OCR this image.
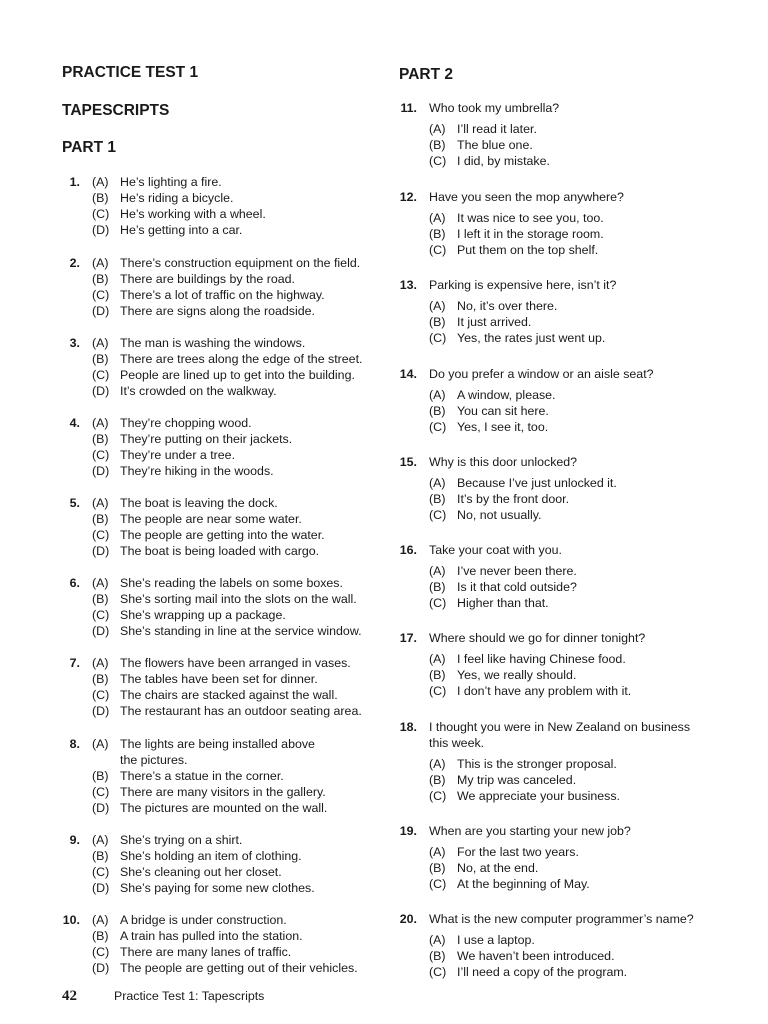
PRACTICE TEST 1
TAPESCRIPTS
PART 1
1. (A) He’s lighting a fire.
(B) He’s riding a bicycle.
(C) He’s working with a wheel.
(D) He’s getting into a car.
2. (A) There’s construction equipment on the field.
(B) There are buildings by the road.
(C) There’s a lot of traffic on the highway.
(D) There are signs along the roadside.
3. (A) The man is washing the windows.
(B) There are trees along the edge of the street.
(C) People are lined up to get into the building.
(D) It’s crowded on the walkway.
4. (A) They’re chopping wood.
(B) They’re putting on their jackets.
(C) They’re under a tree.
(D) They’re hiking in the woods.
5. (A) The boat is leaving the dock.
(B) The people are near some water.
(C) The people are getting into the water.
(D) The boat is being loaded with cargo.
6. (A) She’s reading the labels on some boxes.
(B) She’s sorting mail into the slots on the wall.
(C) She’s wrapping up a package.
(D) She’s standing in line at the service window.
7. (A) The flowers have been arranged in vases.
(B) The tables have been set for dinner.
(C) The chairs are stacked against the wall.
(D) The restaurant has an outdoor seating area.
8. (A) The lights are being installed above
the pictures.
(B) There’s a statue in the corner.
(C) There are many visitors in the gallery.
(D) The pictures are mounted on the wall.
9. (A) She’s trying on a shirt.
(B) She’s holding an item of clothing.
(C) She’s cleaning out her closet.
(D) She’s paying for some new clothes.
10. (A) A bridge is under construction.
(B) A train has pulled into the station.
(C) There are many lanes of traffic.
(D) The people are getting out of their vehicles.
PART 2
11. Who took my umbrella?
(A) I’ll read it later.
(B) The blue one.
(C) I did, by mistake.
12. Have you seen the mop anywhere?
(A) It was nice to see you, too.
(B) I left it in the storage room.
(C) Put them on the top shelf.
13. Parking is expensive here, isn’t it?
(A) No, it’s over there.
(B) It just arrived.
(C) Yes, the rates just went up.
14. Do you prefer a window or an aisle seat?
(A) A window, please.
(B) You can sit here.
(C) Yes, I see it, too.
15. Why is this door unlocked?
(A) Because I’ve just unlocked it.
(B) It’s by the front door.
(C) No, not usually.
16. Take your coat with you.
(A) I’ve never been there.
(B) Is it that cold outside?
(C) Higher than that.
17. Where should we go for dinner tonight?
(A) I feel like having Chinese food.
(B) Yes, we really should.
(C) I don’t have any problem with it.
18. I thought you were in New Zealand on business
this week.
(A) This is the stronger proposal.
(B) My trip was canceled.
(C) We appreciate your business.
19. When are you starting your new job?
(A) For the last two years.
(B) No, at the end.
(C) At the beginning of May.
20. What is the new computer programmer’s name?
(A) I use a laptop.
(B) We haven’t been introduced.
(C) I’ll need a copy of the program.
42	Practice Test 1: Tapescripts
